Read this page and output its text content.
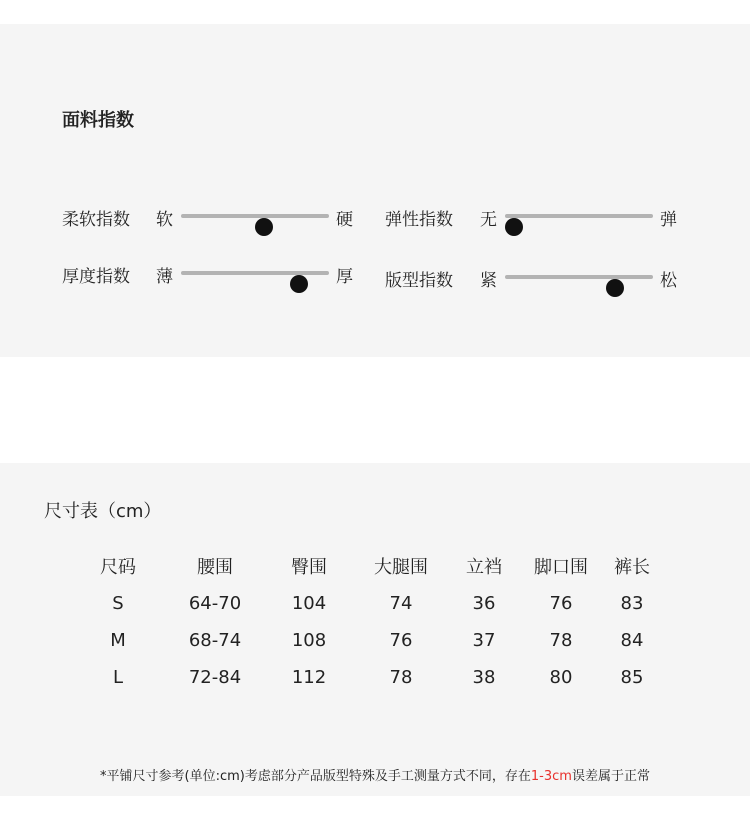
面料指数
柔软指数 软	硬 弹性指数 无	弹
厚度指数 薄	厚 版型指数 紧	松
尺寸表（cm）
尺码	腰围	臀围	大腿围	立裆	脚口围	裤长
S	64-70	104	74	36	76	83
M	68-74	108	76	37	78	84
L	72-84	112	78	38	80	85
*平铺尺寸参考(单位:cm)考虑部分产品版型特殊及手工测量方式不同，存在1-3cm误差属于正常
